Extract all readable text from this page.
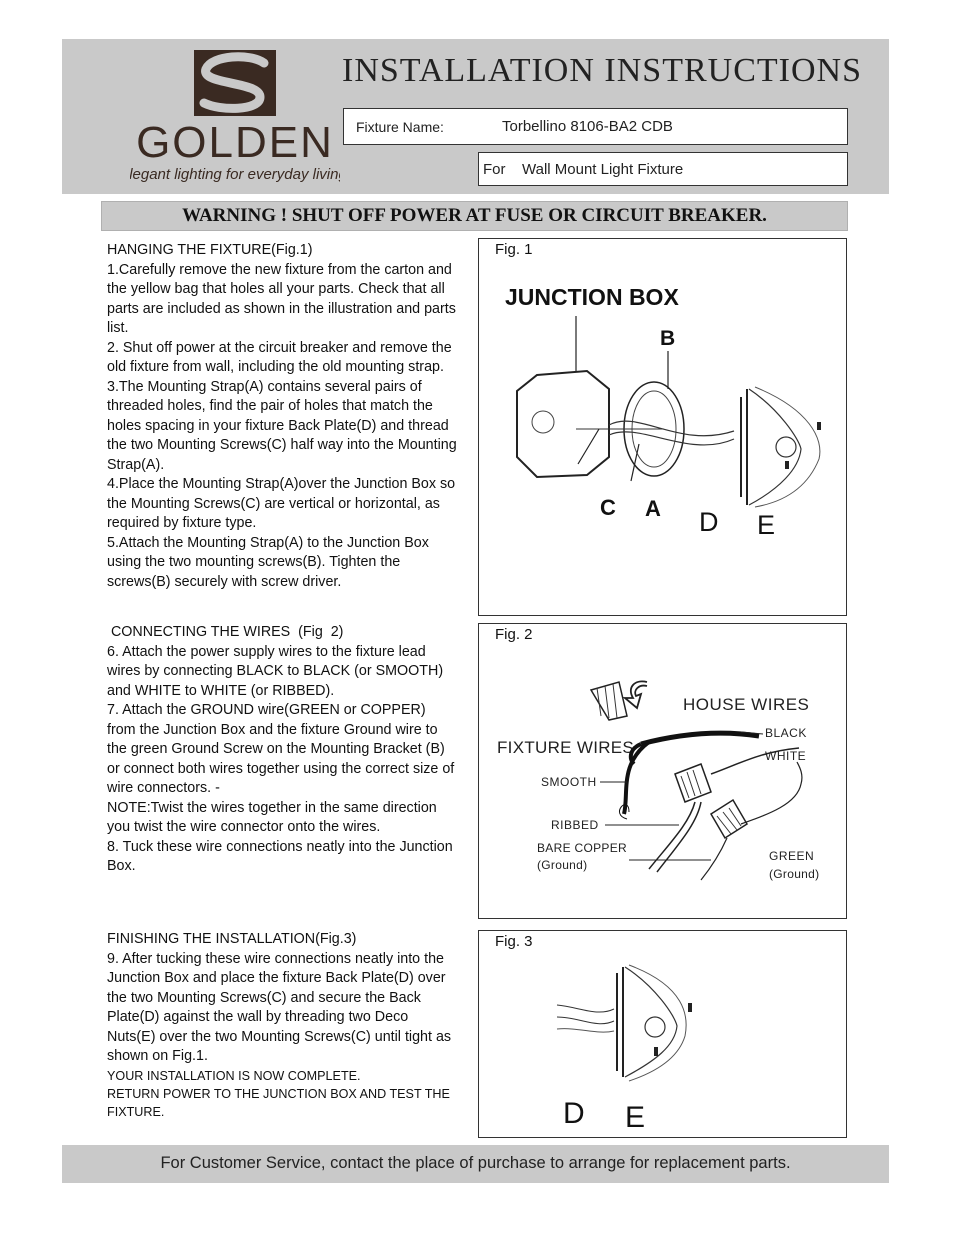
GOLDEN
Elegant lighting for everyday living
INSTALLATION INSTRUCTIONS
Fixture Name:	Torbellino 8106-BA2 CDB
For Wall Mount Light Fixture
WARNING ! SHUT OFF POWER AT FUSE OR CIRCUIT BREAKER.

HANGING THE FIXTURE(Fig.1)

1.Carefully remove the new fixture from the carton and the yellow bag that holes all your parts. Check that all parts are included as shown in the illustration and parts list.

2. Shut off power at the circuit breaker and remove the old fixture from wall, including the old mounting strap.

3.The Mounting Strap(A) contains several pairs of threaded holes, find the pair of holes that match the holes spacing in your fixture Back Plate(D) and thread the two Mounting Screws(C) half way into the Mounting Strap(A).

4.Place the Mounting Strap(A)over the Junction Box so the Mounting Screws(C) are vertical or horizontal, as required by fixture type.

5.Attach the Mounting Strap(A) to the Junction Box using the two mounting screws(B). Tighten the screws(B) securely with screw driver.

CONNECTING THE WIRES  (Fig  2)

6. Attach the power supply wires to the fixture lead wires by connecting BLACK to BLACK (or SMOOTH) and WHITE to WHITE (or RIBBED).

7. Attach the GROUND wire(GREEN or COPPER) from the Junction Box and the fixture Ground wire to the green Ground Screw on the Mounting Bracket (B) or connect both wires together using the correct size of wire connectors. -

NOTE:Twist the wires together in the same direction you twist the wire connector onto the wires.

8. Tuck these wire connections neatly into the Junction Box.

FINISHING THE INSTALLATION(Fig.3)

9. After tucking these wire connections neatly into the Junction Box and place the fixture Back Plate(D) over the two Mounting Screws(C) and secure the Back Plate(D) against the wall by threading two Deco Nuts(E) over the two Mounting Screws(C) until tight as shown on Fig.1.

YOUR INSTALLATION IS NOW COMPLETE.

RETURN POWER TO THE JUNCTION BOX AND TEST THE FIXTURE.

Fig. 1
JUNCTION BOX
B
C A D E
Fig. 2
HOUSE WIRES
FIXTURE WIRES
BLACK
WHITE
SMOOTH
RIBBED
BARE COPPER
(Ground)
GREEN
(Ground)
Fig. 3
D E
For Customer Service, contact the place of purchase to arrange for replacement parts.
